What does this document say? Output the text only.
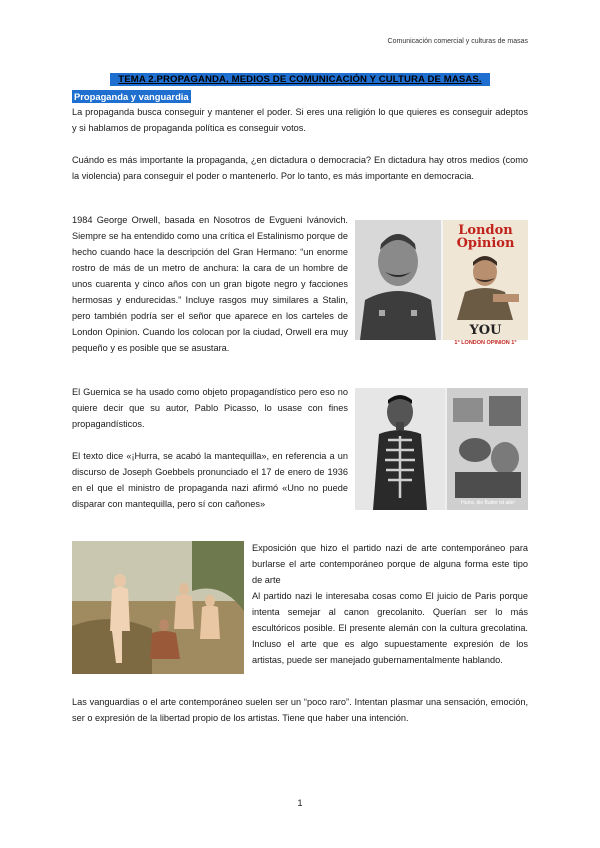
Comunicación comercial y culturas de masas
TEMA 2.PROPAGANDA, MEDIOS DE COMUNICACIÓN Y CULTURA DE MASAS.
Propaganda y vanguardia
La propaganda busca conseguir y mantener el poder. Si eres una religión lo que quieres es conseguir adeptos y si hablamos de propaganda política es conseguir votos.
Cuándo es más importante la propaganda, ¿en dictadura o democracia? En dictadura hay otros medios (como la violencia) para conseguir el poder o mantenerlo. Por lo tanto, es más importante en democracia.
1984 George Orwell, basada en Nosotros de Evgueni Ivánovich. Siempre se ha entendido como una crítica el Estalinismo porque de hecho cuando hace la descripción del Gran Hermano: “un enorme rostro de más de un metro de anchura: la cara de un hombre de unos cuarenta y cinco años con un gran bigote negro y facciones hermosas y endurecidas.” Incluye rasgos muy similares a Stalin, pero también podría ser el señor que aparece en los carteles de London Opinion. Cuando los colocan por la ciudad, Orwell era muy pequeño y es posible que se asustara.
London Opinion
YOU
1° LONDON OPINION 1°
El Guernica se ha usado como objeto propagandístico pero eso no quiere decir que su autor, Pablo Picasso, lo usase con fines propagandísticos.
El texto dice «¡Hurra, se acabó la mantequilla», en referencia a un discurso de Joseph Goebbels pronunciado el 17 de enero de 1936 en el que el ministro de propaganda nazi afirmó «Uno no puede disparar con mantequilla, pero sí con cañones»	Hurra, die Butter ist alle!
Exposición que hizo el partido nazi de arte contemporáneo para burlarse el arte contemporáneo porque de alguna forma este tipo de arte
Al partido nazi le interesaba cosas como El juicio de Paris porque intenta semejar al canon grecolanito. Querían ser lo más escultóricos posible. El presente alemán con la cultura grecolatina. Incluso el arte que es algo supuestamente expresión de los artistas, puede ser manejado gubernamentalmente hablando.
Las vanguardias o el arte contemporáneo suelen ser un “poco raro”. Intentan plasmar una sensación, emoción, ser o expresión de la libertad propio de los artistas. Tiene que haber una intención.
1
